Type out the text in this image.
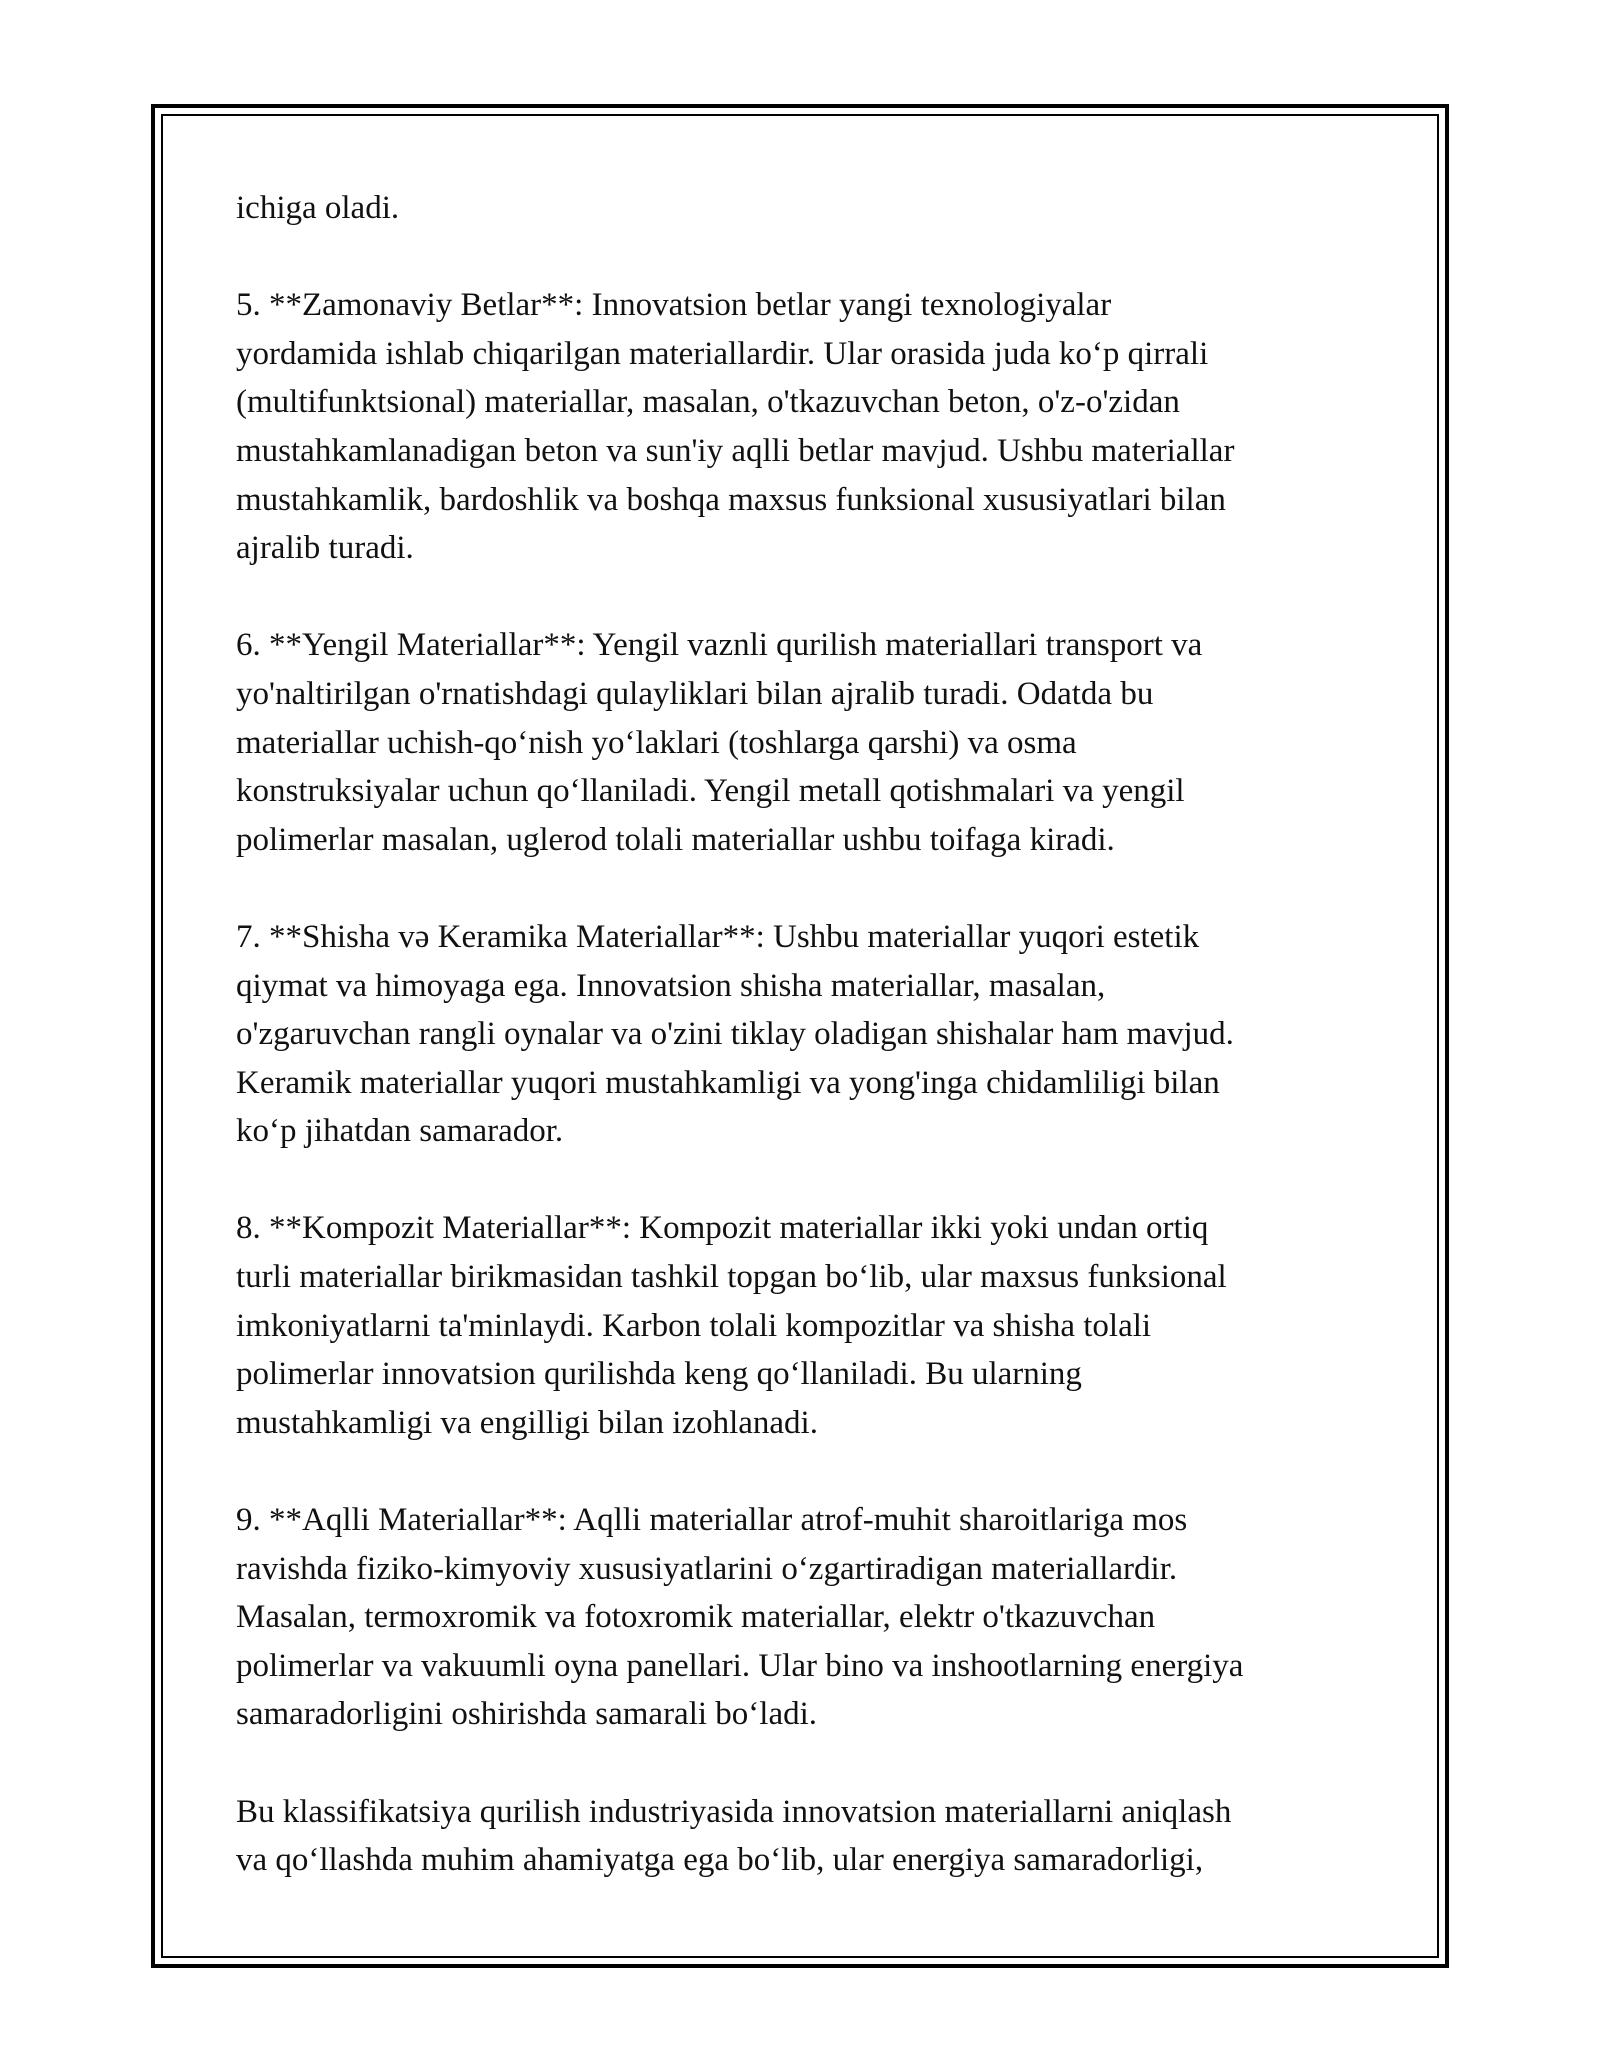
ichiga oladi.

5. **Zamonaviy Betlar**: Innovatsion betlar yangi texnologiyalar
yordamida ishlab chiqarilgan materiallardir. Ular orasida juda ko‘p qirrali
(multifunktsional) materiallar, masalan, o'tkazuvchan beton, o'z-o'zidan
mustahkamlanadigan beton va sun'iy aqlli betlar mavjud. Ushbu materiallar
mustahkamlik, bardoshlik va boshqa maxsus funksional xususiyatlari bilan
ajralib turadi.

6. **Yengil Materiallar**: Yengil vaznli qurilish materiallari transport va
yo'naltirilgan o'rnatishdagi qulayliklari bilan ajralib turadi. Odatda bu
materiallar uchish-qo‘nish yo‘laklari (toshlarga qarshi) va osma
konstruksiyalar uchun qo‘llaniladi. Yengil metall qotishmalari va yengil
polimerlar masalan, uglerod tolali materiallar ushbu toifaga kiradi.

7. **Shisha və Keramika Materiallar**: Ushbu materiallar yuqori estetik
qiymat va himoyaga ega. Innovatsion shisha materiallar, masalan,
o'zgaruvchan rangli oynalar va o'zini tiklay oladigan shishalar ham mavjud.
Keramik materiallar yuqori mustahkamligi va yong'inga chidamliligi bilan
ko‘p jihatdan samarador.

8. **Kompozit Materiallar**: Kompozit materiallar ikki yoki undan ortiq
turli materiallar birikmasidan tashkil topgan bo‘lib, ular maxsus funksional
imkoniyatlarni ta'minlaydi. Karbon tolali kompozitlar va shisha tolali
polimerlar innovatsion qurilishda keng qo‘llaniladi. Bu ularning
mustahkamligi va engilligi bilan izohlanadi.

9. **Aqlli Materiallar**: Aqlli materiallar atrof-muhit sharoitlariga mos
ravishda fiziko-kimyoviy xususiyatlarini o‘zgartiradigan materiallardir.
Masalan, termoxromik va fotoxromik materiallar, elektr o'tkazuvchan
polimerlar va vakuumli oyna panellari. Ular bino va inshootlarning energiya
samaradorligini oshirishda samarali bo‘ladi.

Bu klassifikatsiya qurilish industriyasida innovatsion materiallarni aniqlash
va qo‘llashda muhim ahamiyatga ega bo‘lib, ular energiya samaradorligi,
